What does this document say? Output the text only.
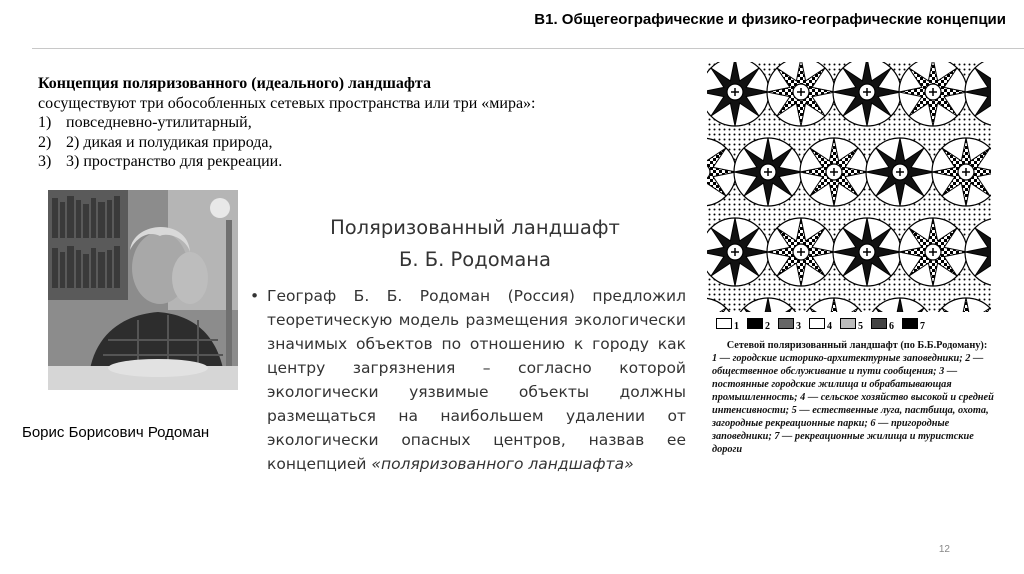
В1. Общегеографические и физико-географические концепции
Концепция поляризованного (идеального) ландшафта
сосуществуют три обособленных сетевых пространства или три «мира»:
1) повседневно-утилитарный,
2) 2) дикая и полудикая природа,
3) 3) пространство для рекреации.
Борис Борисович Родоман
Поляризованный ландшафт
Б. Б. Родомана
• Географ Б. Б. Родоман (Россия) предложил теоретическую модель размещения экологически значимых объектов по отношению к городу как центру загрязнения – согласно которой экологически уязвимые объекты должны размещаться на наибольшем удалении от экологически опасных центров, назвав ее концепцией «поляризованного ландшафта»
1	2	3	4	5	6	7
Сетевой поляризованный ландшафт (по Б.Б.Родоману):
1 — городские историко-архитектурные заповедники; 2 — общественное обслуживание и пути сообщения; 3 — постоянные городские жилища и обрабатывающая промышленность; 4 — сельское хозяйство высокой и средней интенсивности; 5 — естественные луга, пастбища, охота, загородные рекреационные парки; 6 — пригородные заповедники; 7 — рекреационные жилища и туристские дороги
12
